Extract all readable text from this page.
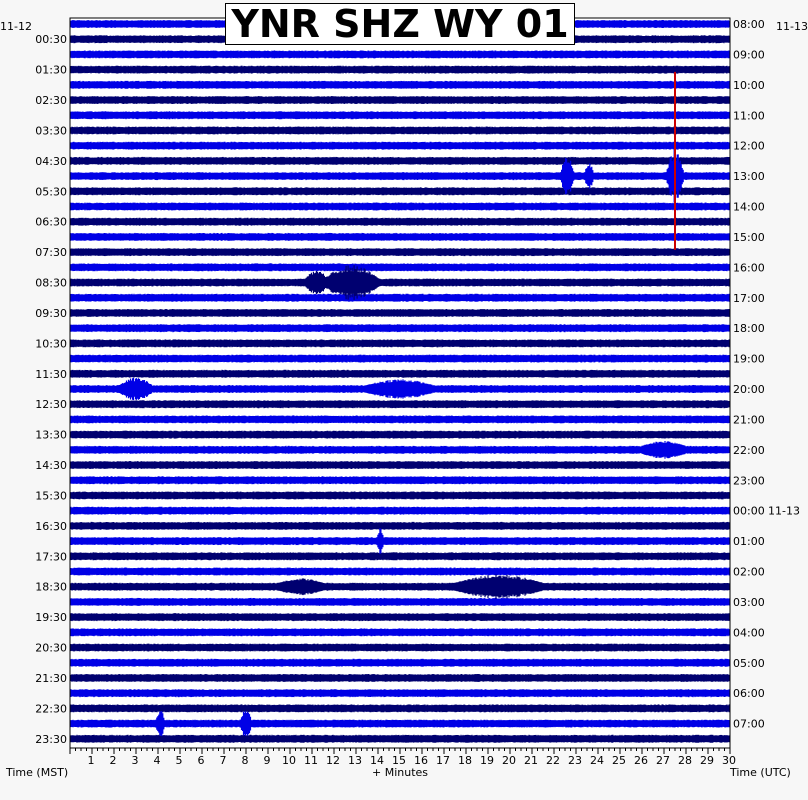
1 2 3 4 5 6 7 8 9 10 11 12 13 14 15 16 17 18 19 20 21 22 23 24 25 26 27 28 29 30
00:30
01:30
02:30
03:30
04:30
05:30
06:30
07:30
08:30
09:30
10:30
11:30
12:30
13:30
14:30
15:30
16:30
17:30
18:30
19:30
20:30
21:30
22:30
23:30
08:00
09:00
10:00
11:00
12:00
13:00
14:00
15:00
16:00
17:00
18:00
19:00
20:00
21:00
22:00
23:00
00:00
01:00
02:00
03:00
04:00
05:00
06:00
07:00
11-13
YNR SHZ WY 01
11-12	11-13
Time (MST)	+ Minutes	Time (UTC)
